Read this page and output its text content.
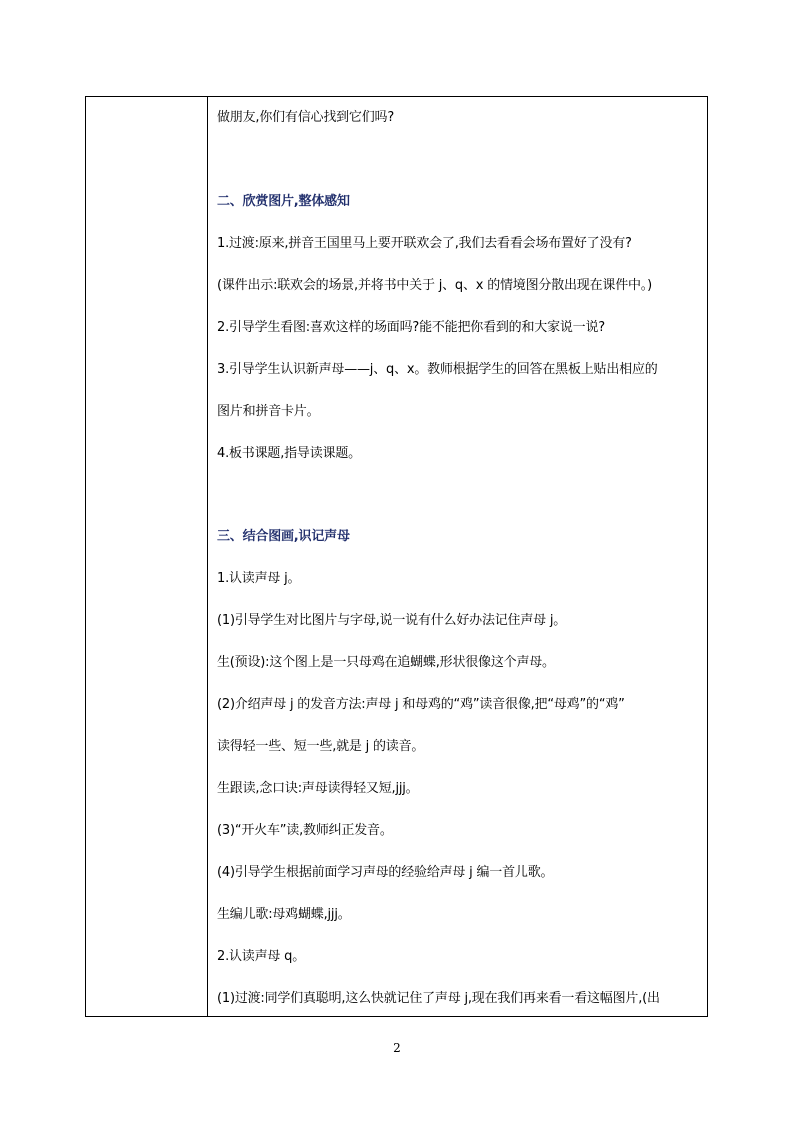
做朋友,你们有信心找到它们吗?
二、欣赏图片,整体感知
1.过渡:原来,拼音王国里马上要开联欢会了,我们去看看会场布置好了没有?
(课件出示:联欢会的场景,并将书中关于 j、q、x 的情境图分散出现在课件中。)
2.引导学生看图:喜欢这样的场面吗?能不能把你看到的和大家说一说?
3.引导学生认识新声母——j、q、x。教师根据学生的回答在黑板上贴出相应的
图片和拼音卡片。
4.板书课题,指导读课题。
三、结合图画,识记声母
1.认读声母 j。
(1)引导学生对比图片与字母,说一说有什么好办法记住声母 j。
生(预设):这个图上是一只母鸡在追蝴蝶,形状很像这个声母。
(2)介绍声母 j 的发音方法:声母 j 和母鸡的“鸡”读音很像,把“母鸡”的“鸡”
读得轻一些、短一些,就是 j 的读音。
生跟读,念口诀:声母读得轻又短,jjj。
(3)“开火车”读,教师纠正发音。
(4)引导学生根据前面学习声母的经验给声母 j 编一首儿歌。
生编儿歌:母鸡蝴蝶,jjj。
2.认读声母 q。
(1)过渡:同学们真聪明,这么快就记住了声母 j,现在我们再来看一看这幅图片,(出
2
